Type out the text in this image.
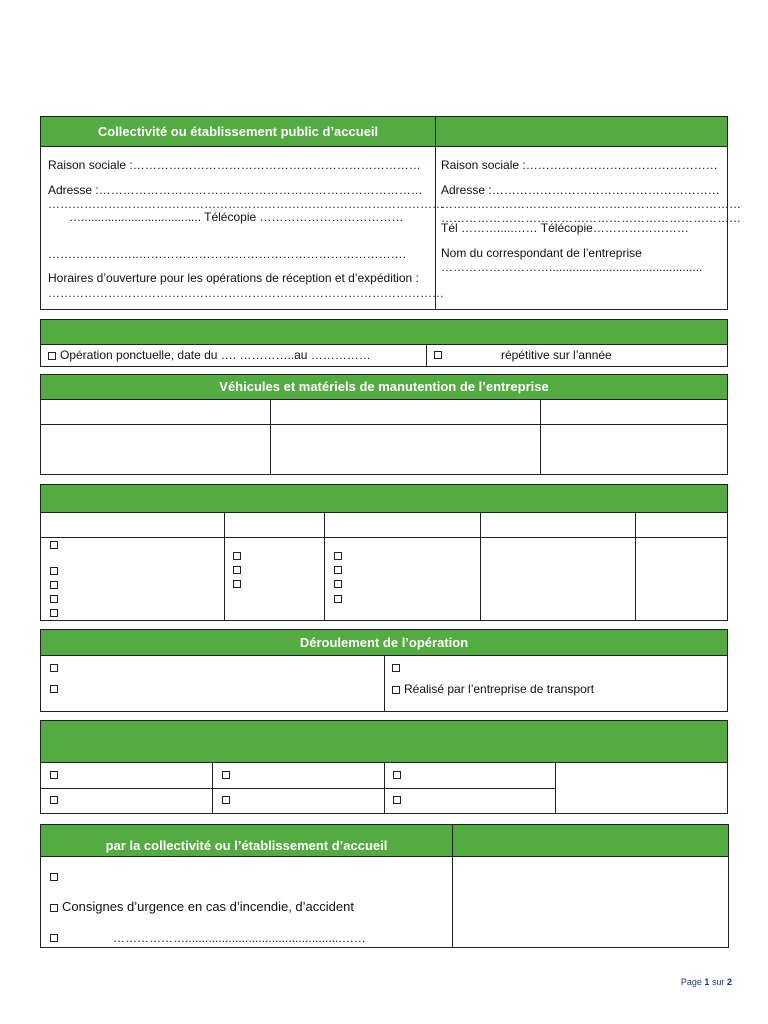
Collectivité ou établissement public d’accueil
Raison sociale :………………………………………………………………
Adresse :………………………………………………………………………
………………………………………………………………………………………
….................................... Télécopie ………………………………
…………………..………………………………………………………….
Horaires d’ouverture pour les opérations de réception et d’expédition :
………………………………………………………………………………………
Raison sociale :…………………………………………
Adresse :…………………………………………………
…………………………………………………………………
…………………………………………………………………
Tél ……….....…… Télécopie……………………
Nom du correspondant de l’entreprise
………………………..............................................
Opération ponctuelle, date du …. …………..au ……………	répétitive sur l’année
Véhicules et matériels de manutention de l’entreprise
Déroulement de l’opération
Réalisé par l’entreprise de transport
par la collectivité ou l’établissement d’accueil
Consignes d’urgence en cas d’incendie, d’accident
………………...............................................……
Page 1 sur 2
